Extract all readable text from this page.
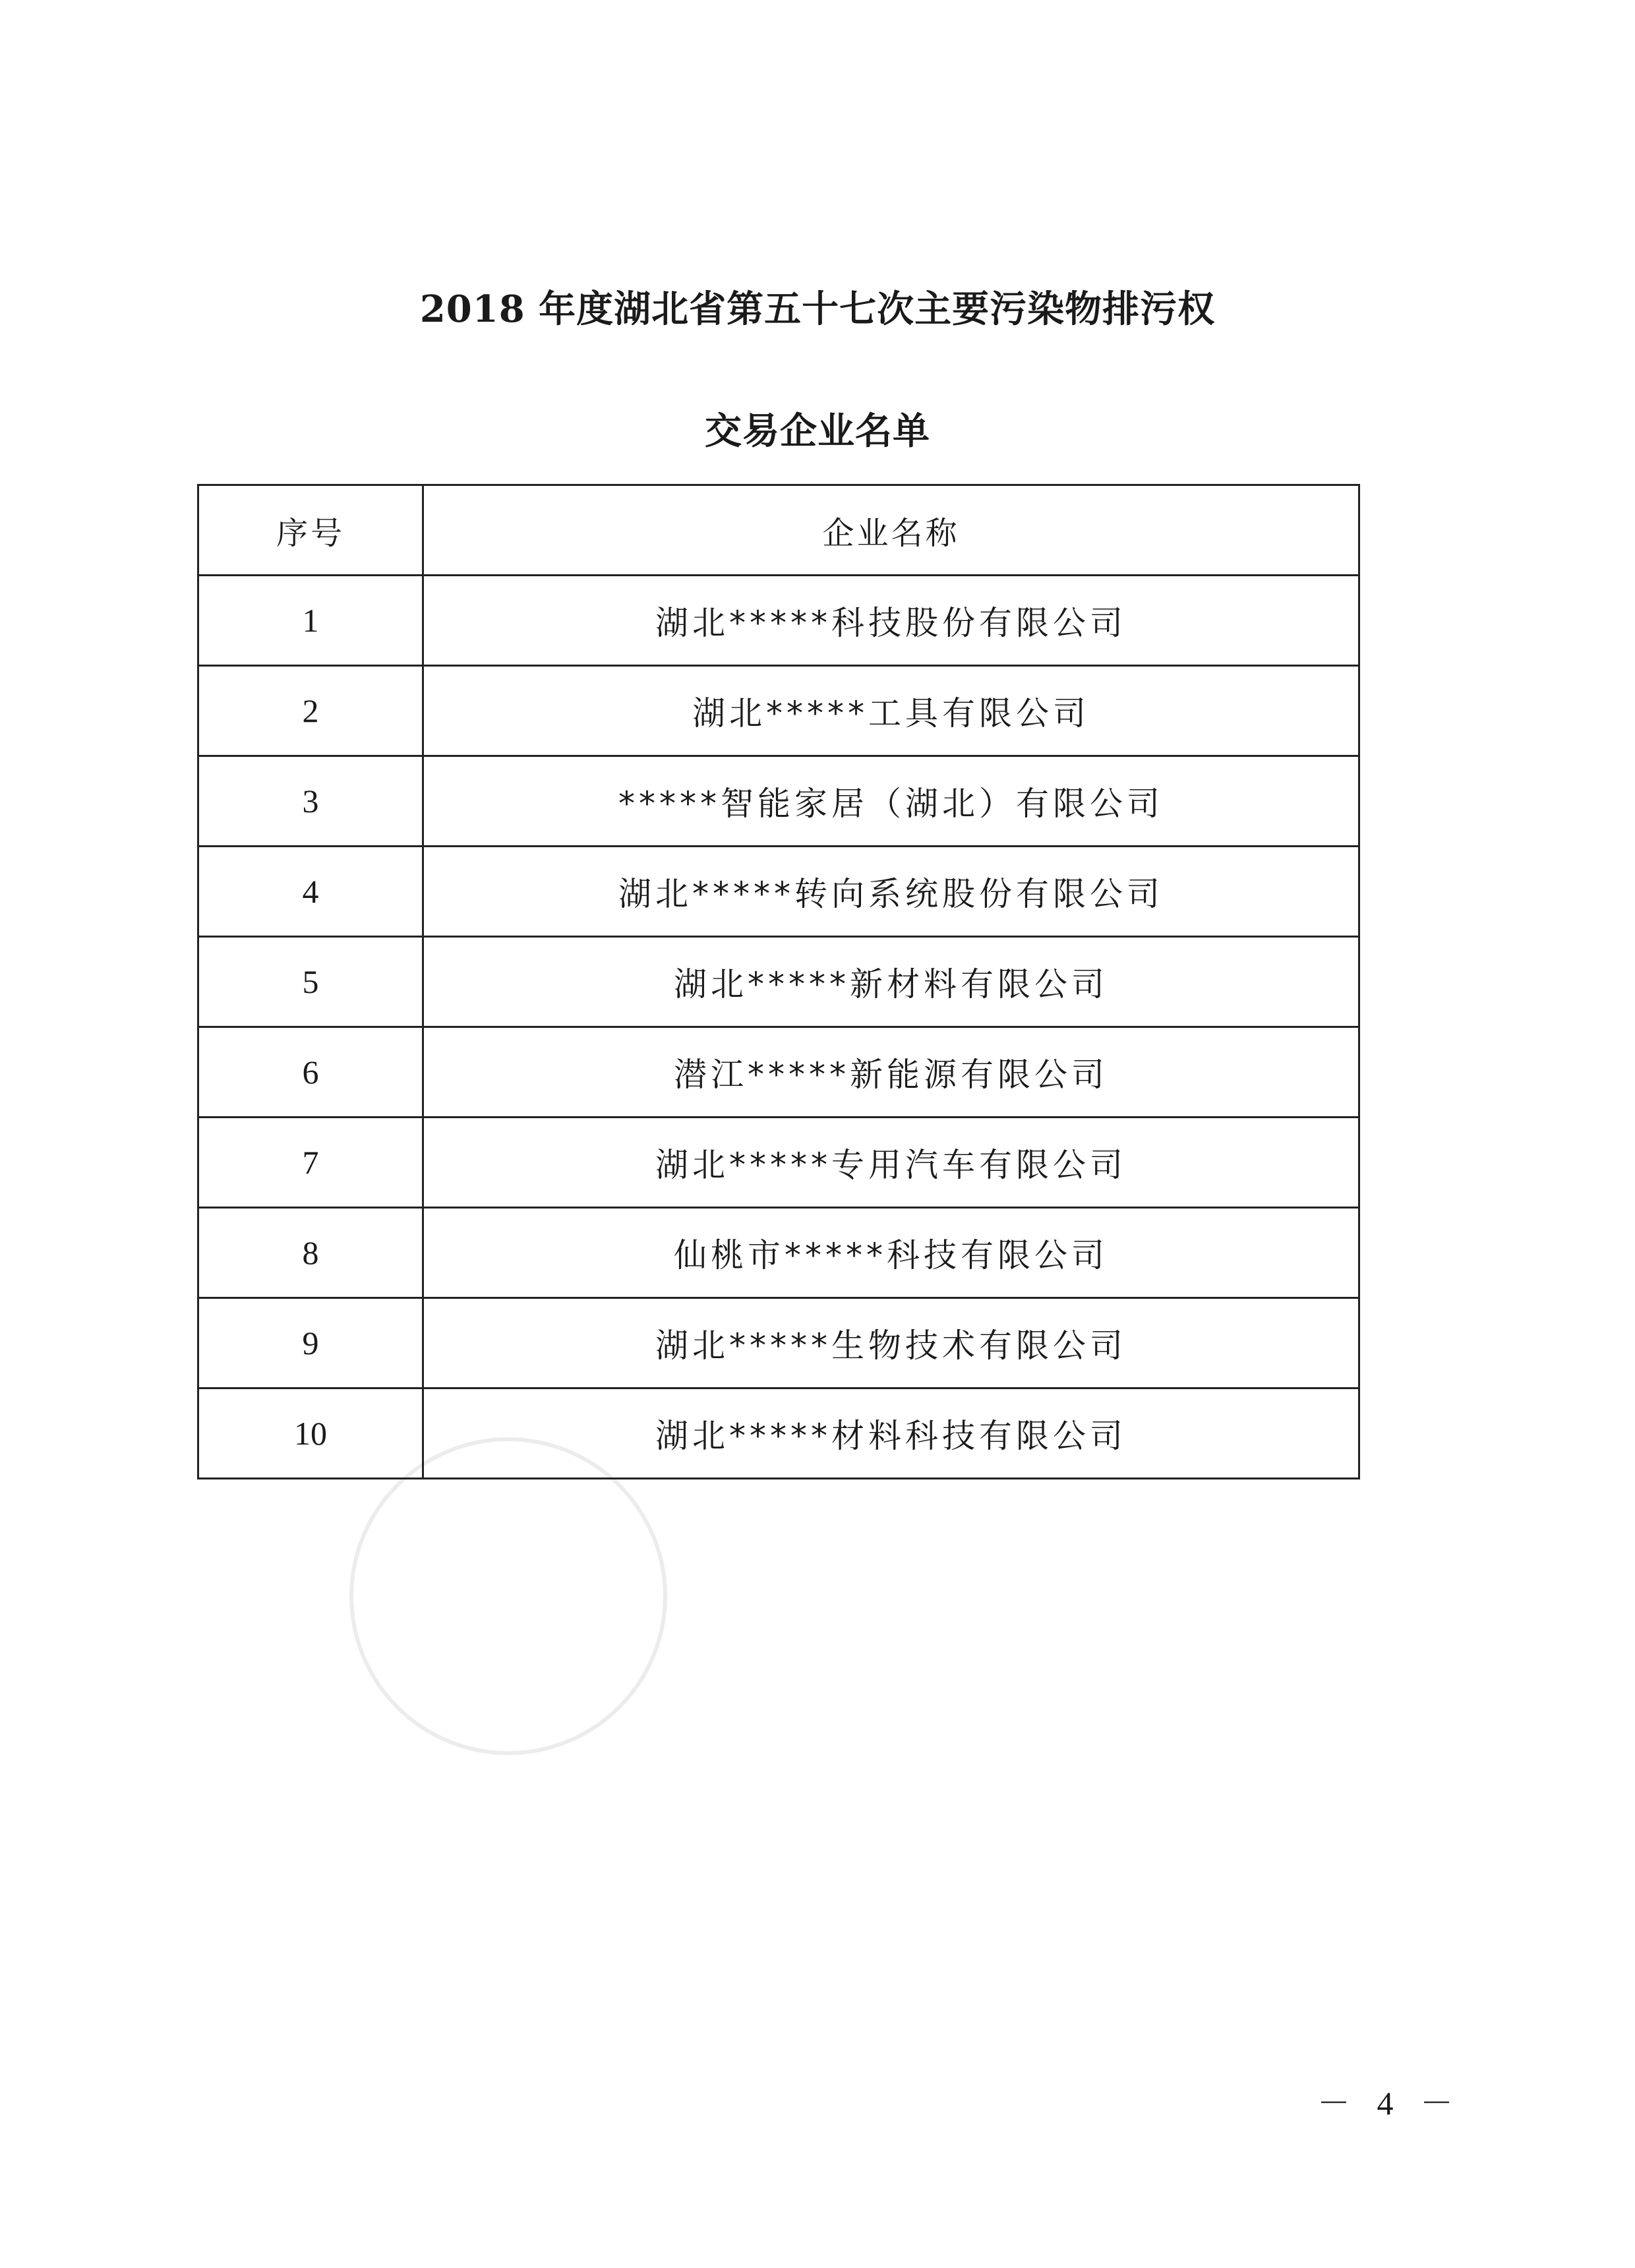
2018 年度湖北省第五十七次主要污染物排污权
交易企业名单
序号	企业名称
1	湖北*****科技股份有限公司
2	湖北*****工具有限公司
3	*****智能家居（湖北）有限公司
4	湖北*****转向系统股份有限公司
5	湖北*****新材料有限公司
6	潜江*****新能源有限公司
7	湖北*****专用汽车有限公司
8	仙桃市*****科技有限公司
9	湖北*****生物技术有限公司
10	湖北*****材料科技有限公司
－ 4 －
